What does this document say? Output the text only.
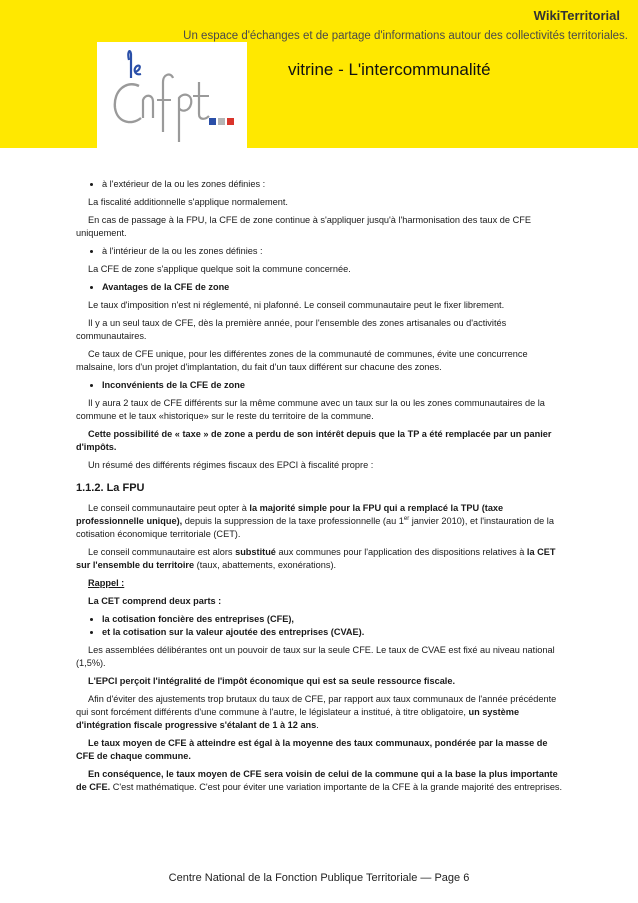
WikiTerritorial
Un espace d'échanges et de partage d'informations autour des collectivités territoriales.
vitrine - L'intercommunalité
• à l'extérieur de la ou les zones définies :

La fiscalité additionnelle s'applique normalement.

En cas de passage à la FPU, la CFE de zone continue à s'appliquer jusqu'à l'harmonisation des taux de CFE uniquement.

• à l'intérieur de la ou les zones définies :

La CFE de zone s'applique quelque soit la commune concernée.

• Avantages de la CFE de zone

Le taux d'imposition n'est ni réglementé, ni plafonné. Le conseil communautaire peut le fixer librement.

Il y a un seul taux de CFE, dès la première année, pour l'ensemble des zones artisanales ou d'activités communautaires.

Ce taux de CFE unique, pour les différentes zones de la communauté de communes, évite une concurrence malsaine, lors d'un projet d'implantation, du fait d'un taux différent sur chacune des zones.

• Inconvénients de la CFE de zone

Il y aura 2 taux de CFE différents sur la même commune avec un taux sur la ou les zones communautaires de la commune et le taux «historique» sur le reste du territoire de la commune.

Cette possibilité de « taxe » de zone a perdu de son intérêt depuis que la TP a été remplacée par un panier d'impôts.

Un résumé des différents régimes fiscaux des EPCI à fiscalité propre :

1.1.2. La FPU

Le conseil communautaire peut opter à la majorité simple pour la FPU qui a remplacé la TPU (taxe professionnelle unique), depuis la suppression de la taxe professionnelle (au 1er janvier 2010), et l'instauration de la cotisation économique territoriale (CET).

Le conseil communautaire est alors substitué aux communes pour l'application des dispositions relatives à la CET sur l'ensemble du territoire (taux, abattements, exonérations).

Rappel :

La CET comprend deux parts :

• la cotisation foncière des entreprises (CFE),
• et la cotisation sur la valeur ajoutée des entreprises (CVAE).

Les assemblées délibérantes ont un pouvoir de taux sur la seule CFE. Le taux de CVAE est fixé au niveau national (1,5%).

L'EPCI perçoit l'intégralité de l'impôt économique qui est sa seule ressource fiscale.

Afin d'éviter des ajustements trop brutaux du taux de CFE, par rapport aux taux communaux de l'année précédente qui sont forcément différents d'une commune à l'autre, le législateur a institué, à titre obligatoire, un système d'intégration fiscale progressive s'étalant de 1 à 12 ans.

Le taux moyen de CFE à atteindre est égal à la moyenne des taux communaux, pondérée par la masse de CFE de chaque commune.

En conséquence, le taux moyen de CFE sera voisin de celui de la commune qui a la base la plus importante de CFE. C'est mathématique. C'est pour éviter une variation importante de la CFE à la grande majorité des entreprises.

Centre National de la Fonction Publique Territoriale — Page 6
